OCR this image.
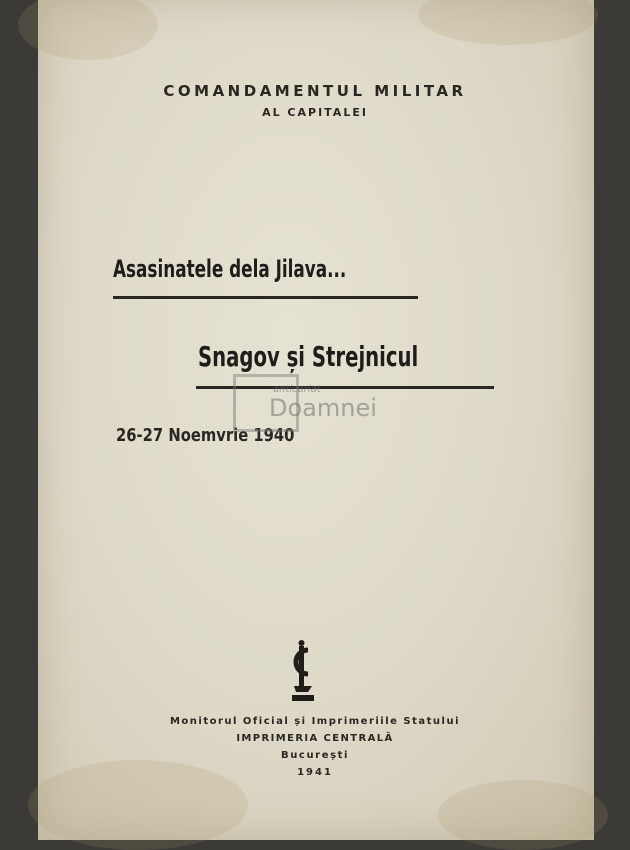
COMANDAMENTUL MILITAR
AL CAPITALEI
Asasinatele dela Jilava...
Snagov și Strejnicul
26-27 Noemvrie 1940
anticariat
Doamnei
Monitorul Oficial și Imprimeriile Statului
IMPRIMERIA CENTRALĂ
București
1941
